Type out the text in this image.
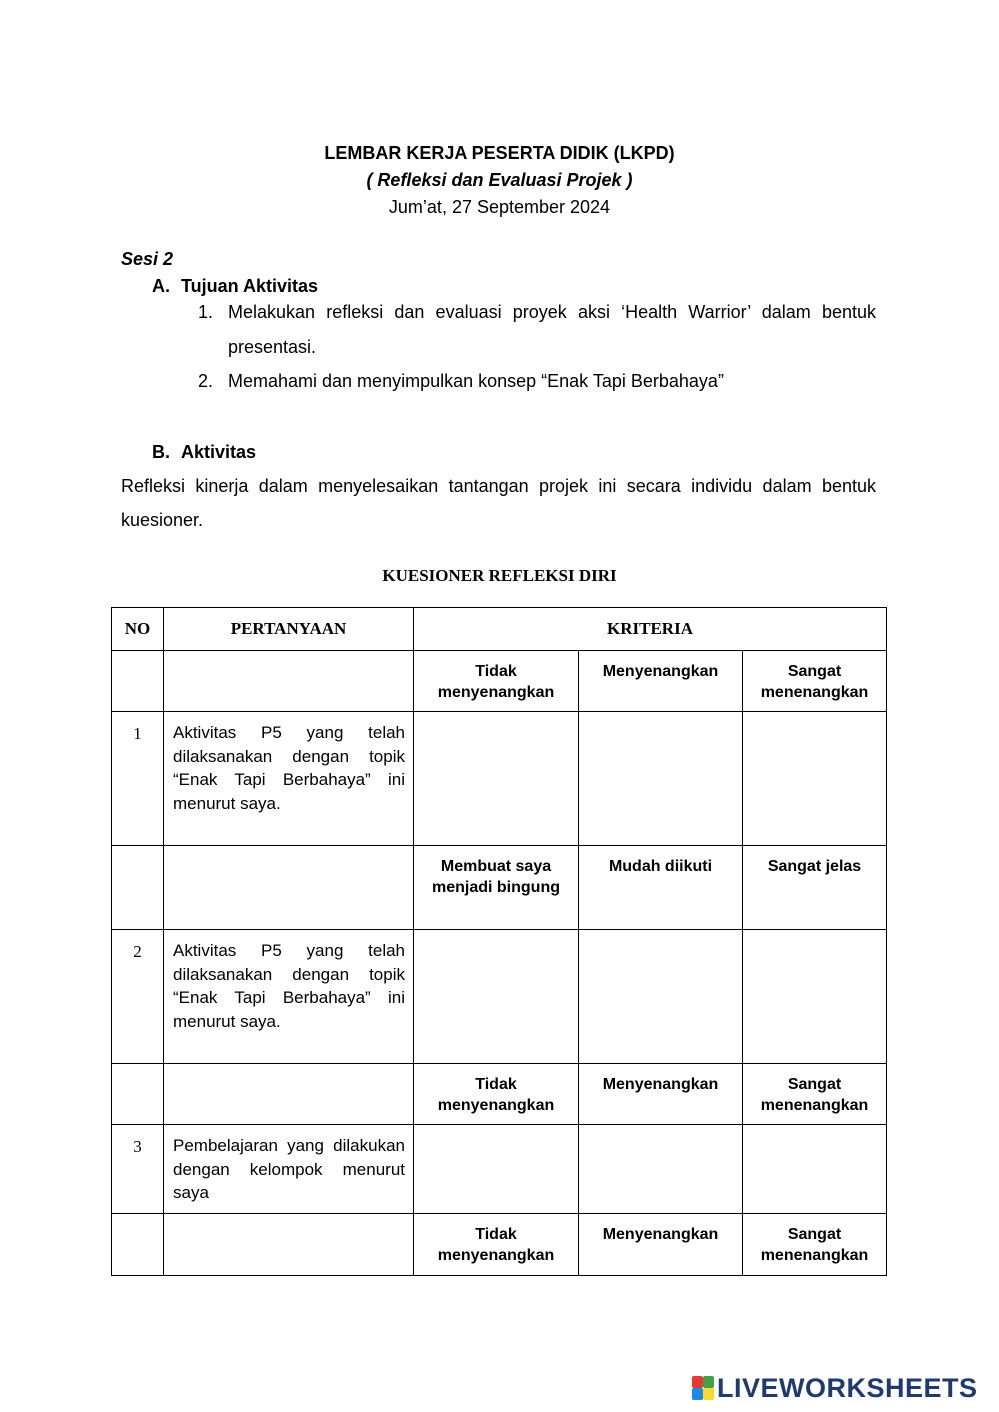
LEMBAR KERJA PESERTA DIDIK (LKPD)
( Refleksi dan Evaluasi Projek )
Jum’at, 27 September 2024
Sesi 2
A. Tujuan Aktivitas
1. Melakukan refleksi dan evaluasi proyek aksi ‘Health Warrior’ dalam bentuk presentasi.
2. Memahami dan menyimpulkan konsep “Enak Tapi Berbahaya”
B. Aktivitas
Refleksi kinerja dalam menyelesaikan tantangan projek ini secara individu dalam bentuk kuesioner.
KUESIONER REFLEKSI DIRI
NO	PERTANYAAN	KRITERIA		
		Tidak menyenangkan	Menyenangkan	Sangat menenangkan
1	Aktivitas P5 yang telah dilaksanakan dengan topik “Enak Tapi Berbahaya” ini menurut saya.			
		Membuat saya menjadi bingung	Mudah diikuti	Sangat jelas
2	Aktivitas P5 yang telah dilaksanakan dengan topik “Enak Tapi Berbahaya” ini menurut saya.			
		Tidak menyenangkan	Menyenangkan	Sangat menenangkan
3	Pembelajaran yang dilakukan dengan kelompok menurut saya			
		Tidak menyenangkan	Menyenangkan	Sangat menenangkan
LIVEWORKSHEETS
